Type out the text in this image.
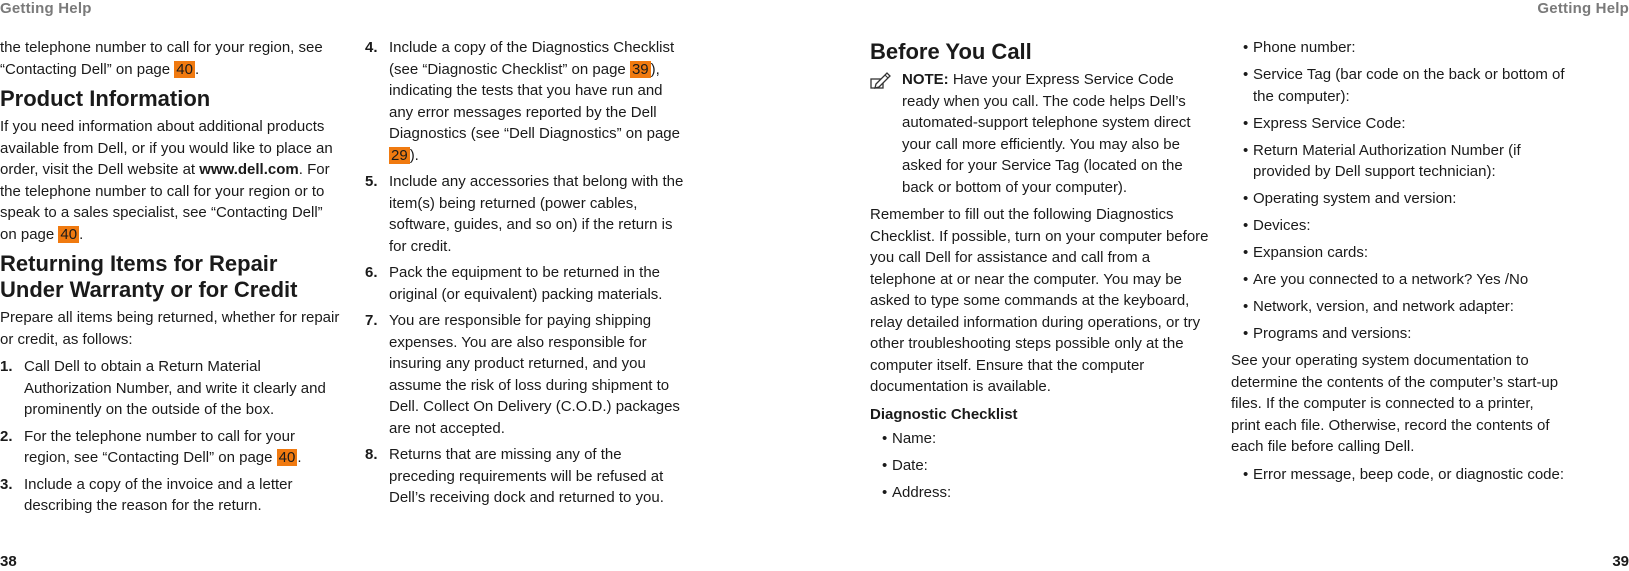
Getting Help	Getting Help

the telephone number to call for your region, see “Contacting Dell” on page 40 .

Product Information

If you need information about additional products available from Dell, or if you would like to place an order, visit the Dell website at www.dell.com. For the telephone number to call for your region or to speak to a sales specialist, see “Contacting Dell” on page 40 .

Returning Items for Repair Under Warranty or for Credit

Prepare all items being returned, whether for repair or credit, as follows:

1. Call Dell to obtain a Return Material Authorization Number, and write it clearly and prominently on the outside of the box.
2. For the telephone number to call for your region, see “Contacting Dell” on page 40 .
3. Include a copy of the invoice and a letter describing the reason for the return.
4. Include a copy of the Diagnostics Checklist (see “Diagnostic Checklist” on page 39 ), indicating the tests that you have run and any error messages reported by the Dell Diagnostics (see “Dell Diagnostics” on page 29 ).
5. Include any accessories that belong with the item(s) being returned (power cables, software, guides, and so on) if the return is for credit.
6. Pack the equipment to be returned in the original (or equivalent) packing materials.
7. You are responsible for paying shipping expenses. You are also responsible for insuring any product returned, and you assume the risk of loss during shipment to Dell. Collect On Delivery (C.O.D.) packages are not accepted.
8. Returns that are missing any of the preceding requirements will be refused at Dell’s receiving dock and returned to you.
Before You Call
NOTE: Have your Express Service Code ready when you call. The code helps Dell’s automated-support telephone system direct your call more efficiently. You may also be asked for your Service Tag (located on the back or bottom of your computer).

Remember to fill out the following Diagnostics Checklist. If possible, turn on your computer before you call Dell for assistance and call from a telephone at or near the computer. You may be asked to type some commands at the keyboard, relay detailed information during operations, or try other troubleshooting steps possible only at the computer itself. Ensure that the computer documentation is available.

Diagnostic Checklist
• Name:
• Date:
• Address:
• Phone number:
• Service Tag (bar code on the back or bottom of the computer):
• Express Service Code:
• Return Material Authorization Number (if provided by Dell support technician):
• Operating system and version:
• Devices:
• Expansion cards:
• Are you connected to a network? Yes /No
• Network, version, and network adapter:
• Programs and versions:

See your operating system documentation to determine the contents of the computer’s start-up files. If the computer is connected to a printer, print each file. Otherwise, record the contents of each file before calling Dell.

• Error message, beep code, or diagnostic code:
38	39
